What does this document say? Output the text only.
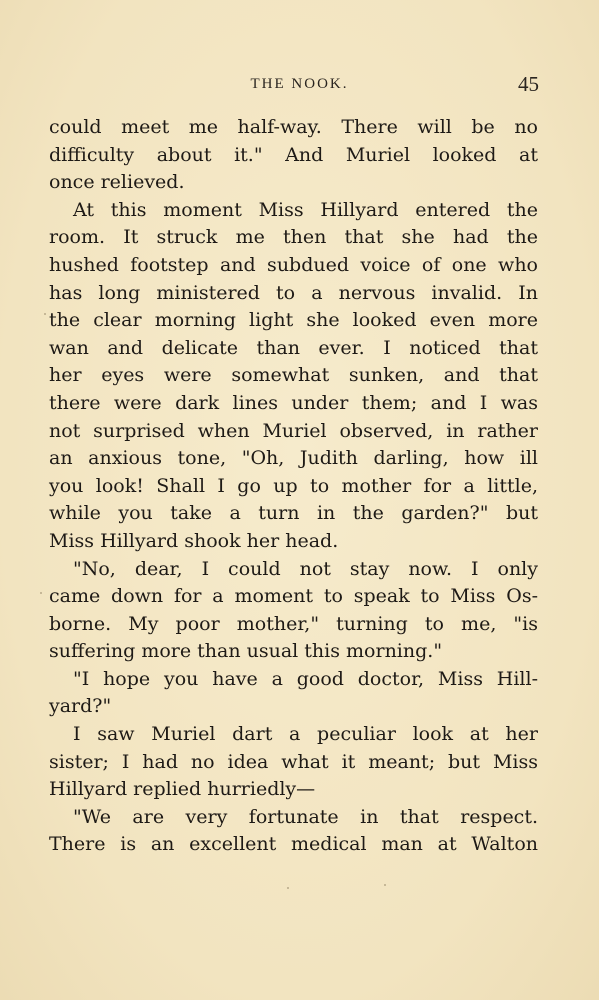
THE NOOK.	45
could meet me half-way. There will be no
difficulty about it." And Muriel looked at
once relieved.
At this moment Miss Hillyard entered the
room. It struck me then that she had the
hushed footstep and subdued voice of one who
has long ministered to a nervous invalid. In
the clear morning light she looked even more
wan and delicate than ever. I noticed that
her eyes were somewhat sunken, and that
there were dark lines under them; and I was
not surprised when Muriel observed, in rather
an anxious tone, "Oh, Judith darling, how ill
you look! Shall I go up to mother for a little,
while you take a turn in the garden?" but
Miss Hillyard shook her head.
"No, dear, I could not stay now. I only
came down for a moment to speak to Miss Os-
borne. My poor mother," turning to me, "is
suffering more than usual this morning."
"I hope you have a good doctor, Miss Hill-
yard?"
I saw Muriel dart a peculiar look at her
sister; I had no idea what it meant; but Miss
Hillyard replied hurriedly—
"We are very fortunate in that respect.
There is an excellent medical man at Walton
